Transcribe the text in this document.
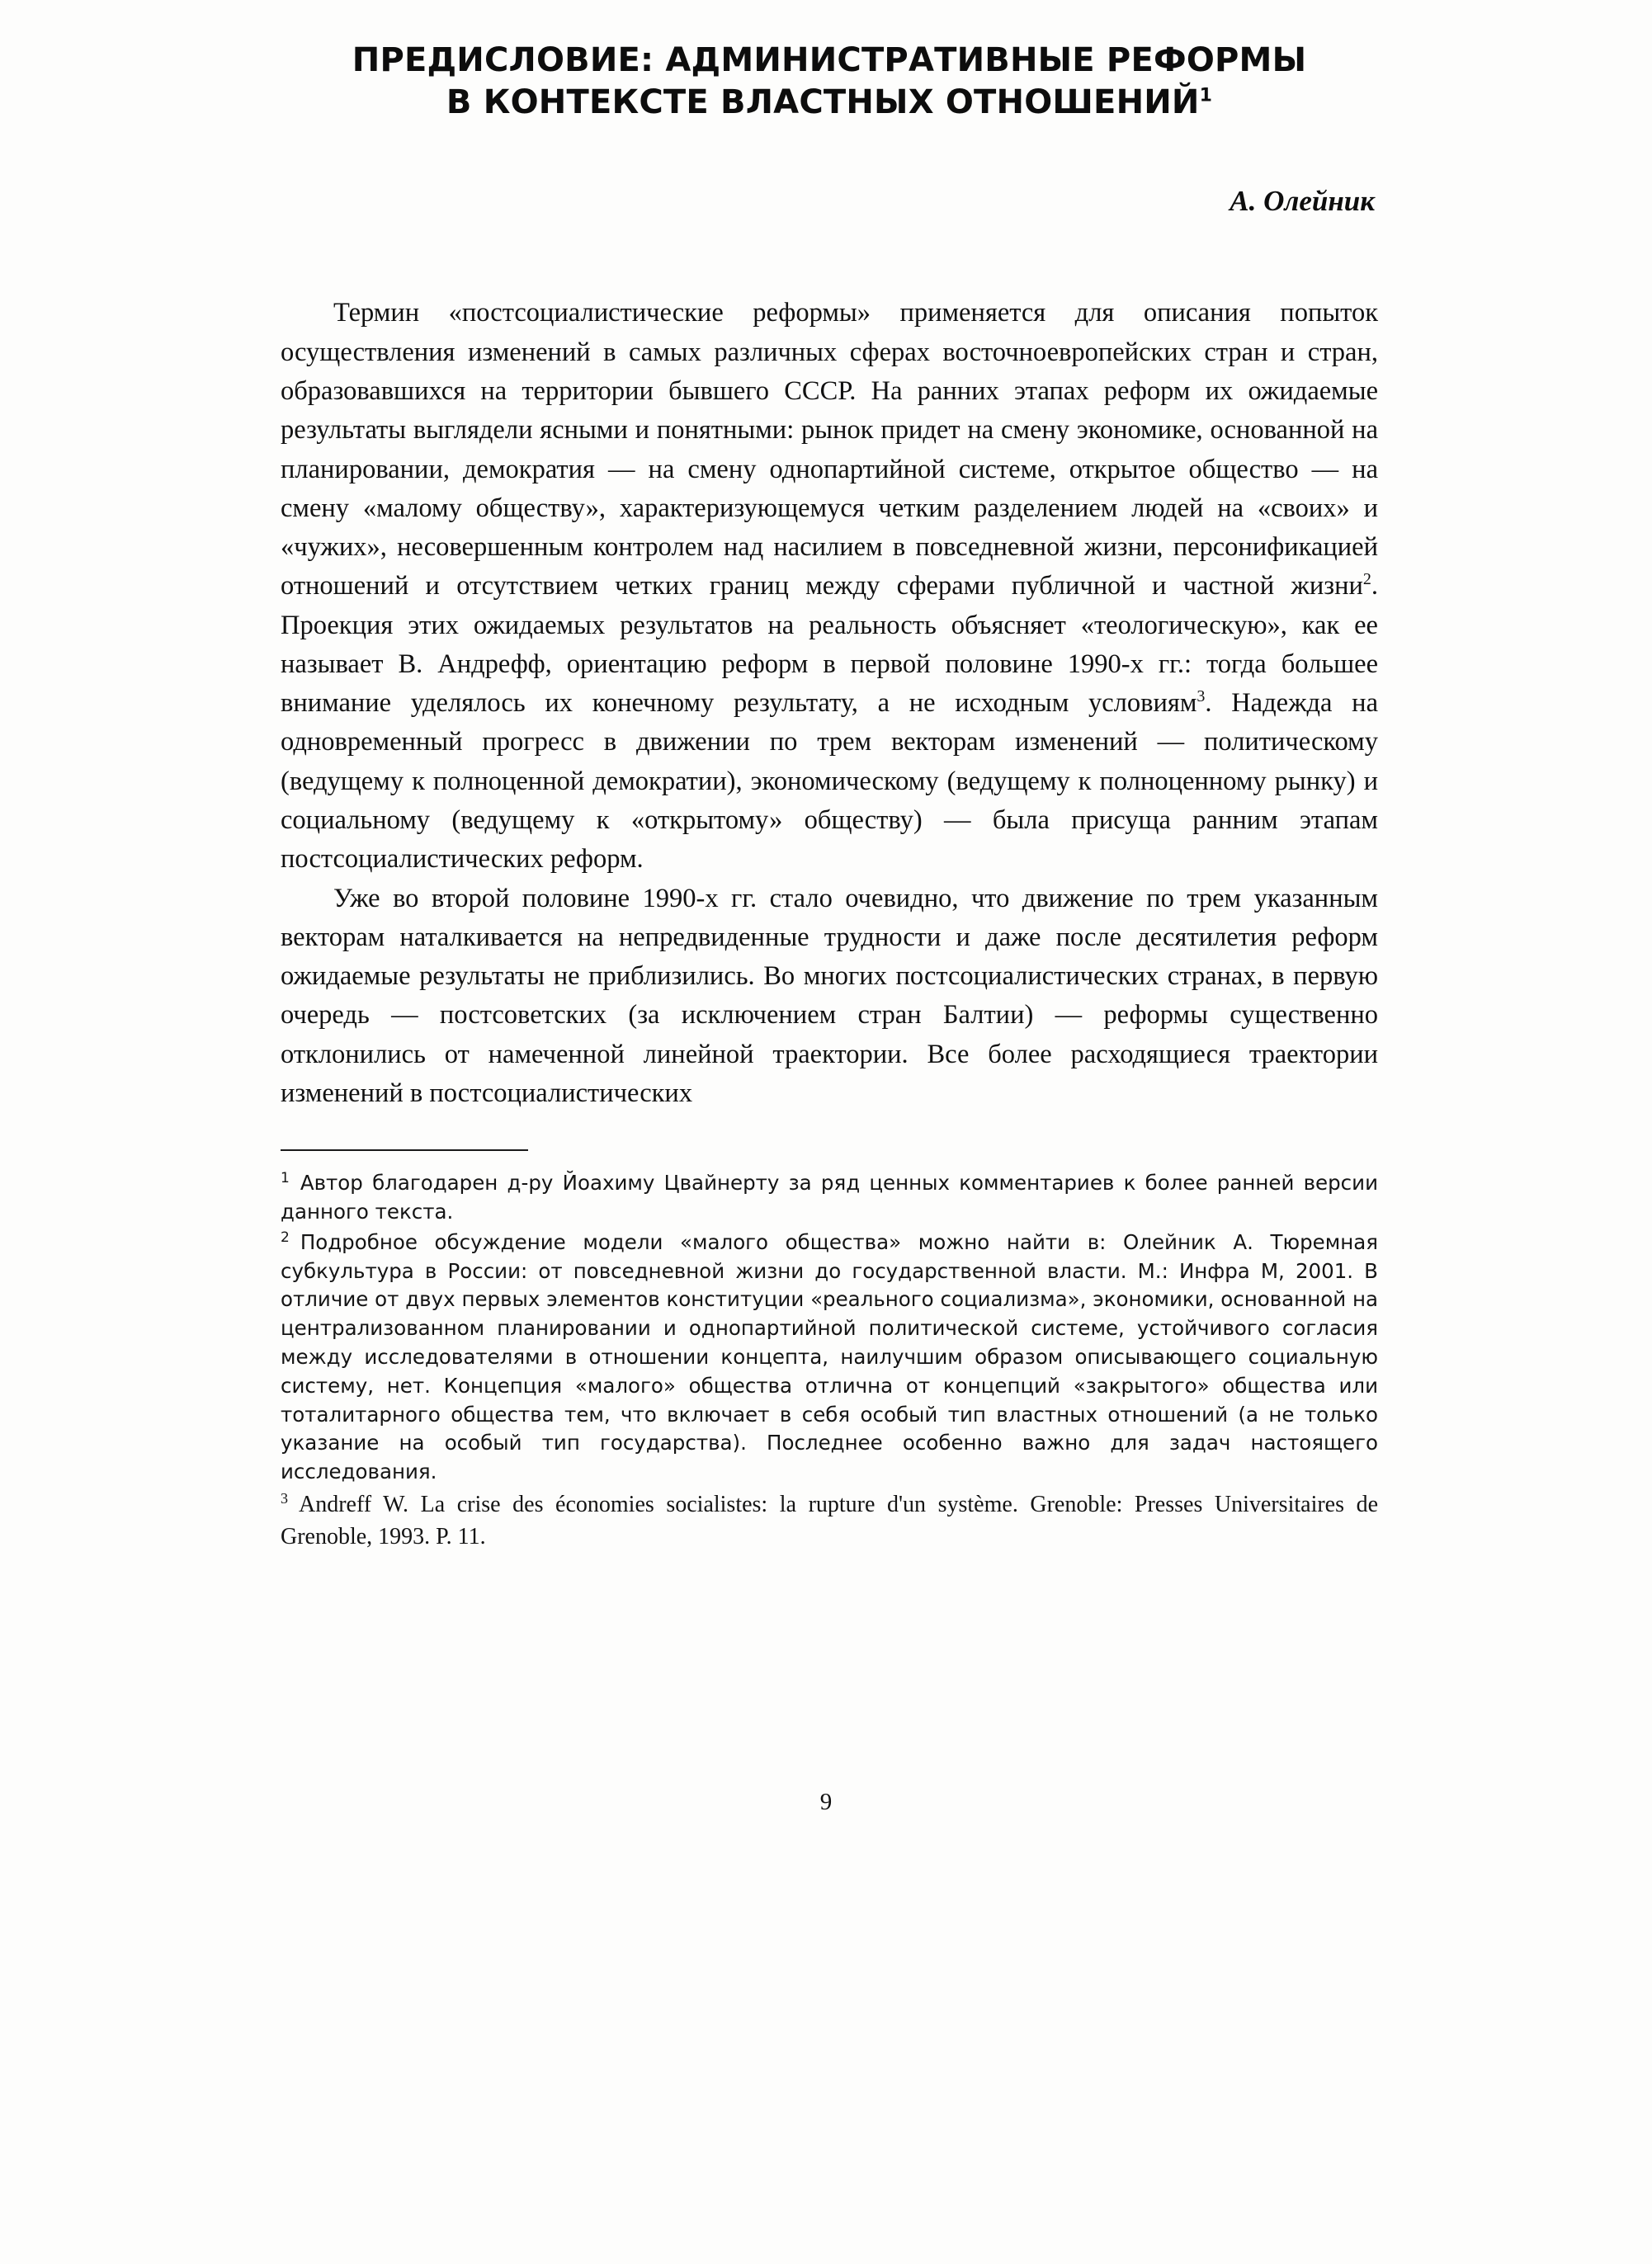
ПРЕДИСЛОВИЕ: АДМИНИСТРАТИВНЫЕ РЕФОРМЫ
В КОНТЕКСТЕ ВЛАСТНЫХ ОТНОШЕНИЙ$^1$
А. Олейник

Термин «постсоциалистические реформы» применяется для описания попыток осуществления изменений в самых различных сферах восточноевропейских стран и стран, образовавшихся на территории бывшего СССР. На ранних этапах реформ их ожидаемые результаты выглядели ясными и понятными: рынок придет на смену экономике, основанной на планировании, демократия — на смену однопартийной системе, открытое общество — на смену «малому обществу», характеризующемуся четким разделением людей на «своих» и «чужих», несовершенным контролем над насилием в повседневной жизни, персонификацией отношений и отсутствием четких границ между сферами публичной и частной жизни$^2$. Проекция этих ожидаемых результатов на реальность объясняет «теологическую», как ее называет В. Андрефф, ориентацию реформ в первой половине 1990-х гг.: тогда большее внимание уделялось их конечному результату, а не исходным условиям$^3$. Надежда на одновременный прогресс в движении по трем векторам изменений — политическому (ведущему к полноценной демократии), экономическому (ведущему к полноценному рынку) и социальному (ведущему к «открытому» обществу) — была присуща ранним этапам постсоциалистических реформ.

Уже во второй половине 1990-х гг. стало очевидно, что движение по трем указанным векторам наталкивается на непредвиденные трудности и даже после десятилетия реформ ожидаемые результаты не приблизились. Во многих постсоциалистических странах, в первую очередь — постсоветских (за исключением стран Балтии) — реформы существенно отклонились от намеченной линейной траектории. Все более расходящиеся траектории изменений в постсоциалистических

$^1$ Автор благодарен д-ру Йоахиму Цвайнерту за ряд ценных комментариев к более ранней версии данного текста.

$^2$ Подробное обсуждение модели «малого общества» можно найти в: Олейник А. Тюремная субкультура в России: от повседневной жизни до государственной власти. М.: Инфра М, 2001. В отличие от двух первых элементов конституции «реального социализма», экономики, основанной на централизованном планировании и однопартийной политической системе, устойчивого согласия между исследователями в отношении концепта, наилучшим образом описывающего социальную систему, нет. Концепция «малого» общества отлична от концепций «закрытого» общества или тоталитарного общества тем, что включает в себя особый тип властных отношений (а не только указание на особый тип государства). Последнее особенно важно для задач настоящего исследования.

$^3$ Andreff W. La crise des économies socialistes: la rupture d'un système. Grenoble: Presses Universitaires de Grenoble, 1993. P. 11.

9
